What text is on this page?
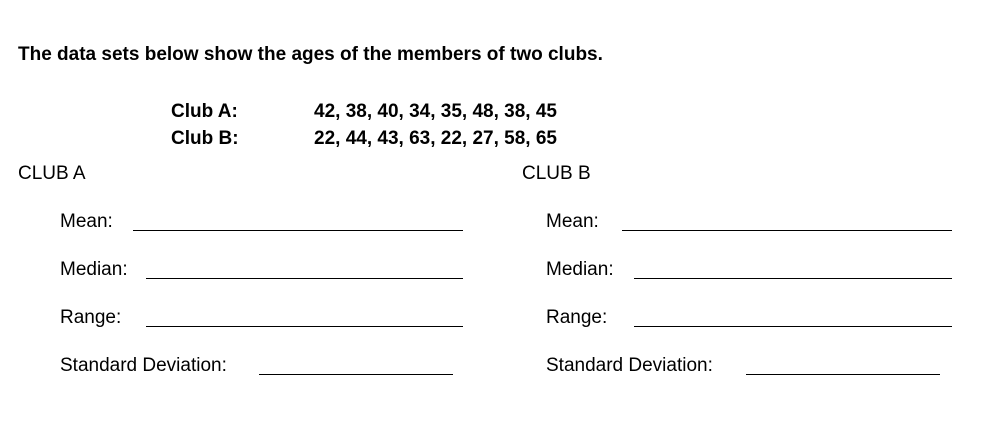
The data sets below show the ages of the members of two clubs.
Club A:	42, 38, 40, 34, 35, 48, 38, 45
Club B:	22, 44, 43, 63, 22, 27, 58, 65
CLUB A
Mean:
Median:
Range:
Standard Deviation:
CLUB B
Mean:
Median:
Range:
Standard Deviation:
